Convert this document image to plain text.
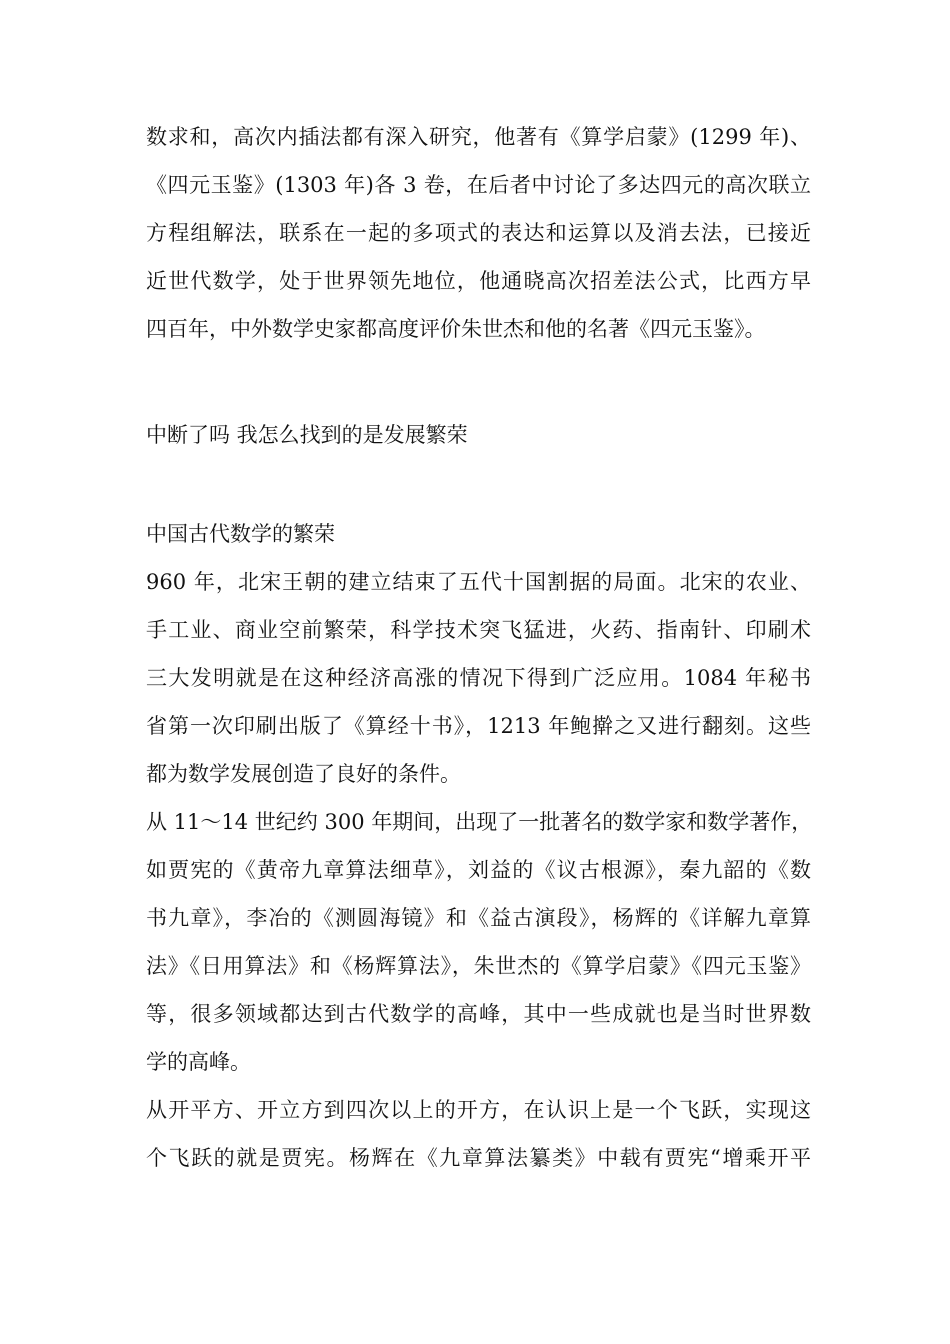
数求和，高次内插法都有深入研究，他著有《算学启蒙》(1299 年)、
《四元玉鉴》(1303 年)各 3 卷，在后者中讨论了多达四元的高次联立
方程组解法，联系在一起的多项式的表达和运算以及消去法，已接近
近世代数学，处于世界领先地位，他通晓高次招差法公式，比西方早
四百年，中外数学史家都高度评价朱世杰和他的名著《四元玉鉴》。
中断了吗 我怎么找到的是发展繁荣
中国古代数学的繁荣
960 年，北宋王朝的建立结束了五代十国割据的局面。北宋的农业、
手工业、商业空前繁荣，科学技术突飞猛进，火药、指南针、印刷术
三大发明就是在这种经济高涨的情况下得到广泛应用。1084 年秘书
省第一次印刷出版了《算经十书》，1213 年鲍擀之又进行翻刻。这些
都为数学发展创造了良好的条件。
从 11～14 世纪约 300 年期间，出现了一批著名的数学家和数学著作，
如贾宪的《黄帝九章算法细草》，刘益的《议古根源》，秦九韶的《数
书九章》，李冶的《测圆海镜》和《益古演段》，杨辉的《详解九章算
法》《日用算法》和《杨辉算法》，朱世杰的《算学启蒙》《四元玉鉴》
等，很多领域都达到古代数学的高峰，其中一些成就也是当时世界数
学的高峰。
从开平方、开立方到四次以上的开方，在认识上是一个飞跃，实现这
个飞跃的就是贾宪。杨辉在《九章算法纂类》中载有贾宪“增乘开平
